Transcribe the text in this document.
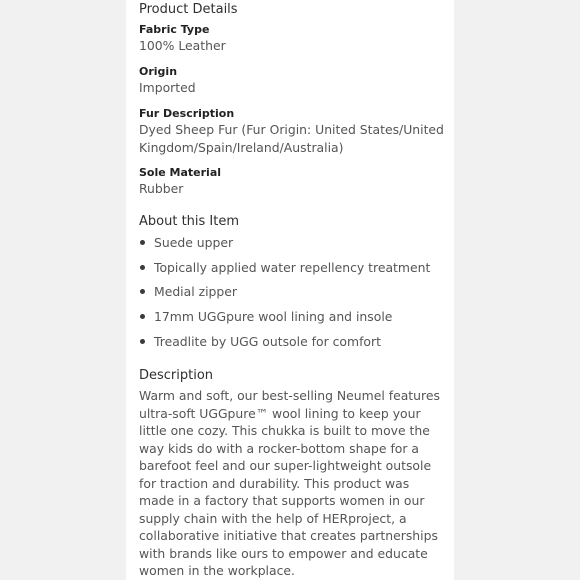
Product Details
Fabric Type
100% Leather
Origin
Imported
Fur Description
Dyed Sheep Fur (Fur Origin: United States/United Kingdom/Spain/Ireland/Australia)
Sole Material
Rubber
About this Item
Suede upper
Topically applied water repellency treatment
Medial zipper
17mm UGGpure wool lining and insole
Treadlite by UGG outsole for comfort
Description

Warm and soft, our best-selling Neumel features ultra-soft UGGpure™ wool lining to keep your little one cozy. This chukka is built to move the way kids do with a rocker-bottom shape for a barefoot feel and our super-lightweight outsole for traction and durability. This product was made in a factory that supports women in our supply chain with the help of HERproject, a collaborative initiative that creates partnerships with brands like ours to empower and educate women in the workplace.
